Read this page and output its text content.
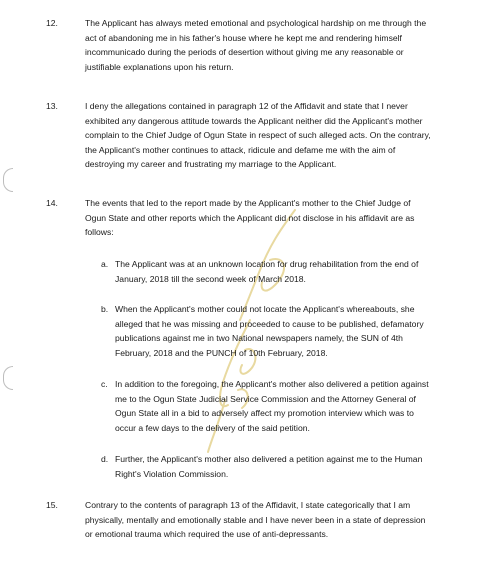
12.	The Applicant has always meted emotional and psychological hardship on me through the
act of abandoning me in his father's house where he kept me and rendering himself
incommunicado during the periods of desertion without giving me any reasonable or
justifiable explanations upon his return.
13.	I deny the allegations contained in paragraph 12 of the Affidavit and state that I never
exhibited any dangerous attitude towards the Applicant neither did the Applicant's mother
complain to the Chief Judge of Ogun State in respect of such alleged acts. On the contrary,
the Applicant's mother continues to attack, ridicule and defame me with the aim of
destroying my career and frustrating my marriage to the Applicant.
14.	The events that led to the report made by the Applicant's mother to the Chief Judge of
Ogun State and other reports which the Applicant did not disclose in his affidavit are as
follows:
a. The Applicant was at an unknown location for drug rehabilitation from the end of
January, 2018 till the second week of March 2018.
b. When the Applicant's mother could not locate the Applicant's whereabouts, she
alleged that he was missing and proceeded to cause to be published, defamatory
publications against me in two National newspapers namely, the SUN of 4th
February, 2018 and the PUNCH of 10th February, 2018.
c. In addition to the foregoing, the Applicant's mother also delivered a petition against
me to the Ogun State Judicial Service Commission and the Attorney General of
Ogun State all in a bid to adversely affect my promotion interview which was to
occur a few days to the delivery of the said petition.
d. Further, the Applicant's mother also delivered a petition against me to the Human
Right's Violation Commission.
15.	Contrary to the contents of paragraph 13 of the Affidavit, I state categorically that I am
physically, mentally and emotionally stable and I have never been in a state of depression
or emotional trauma which required the use of anti-depressants.
